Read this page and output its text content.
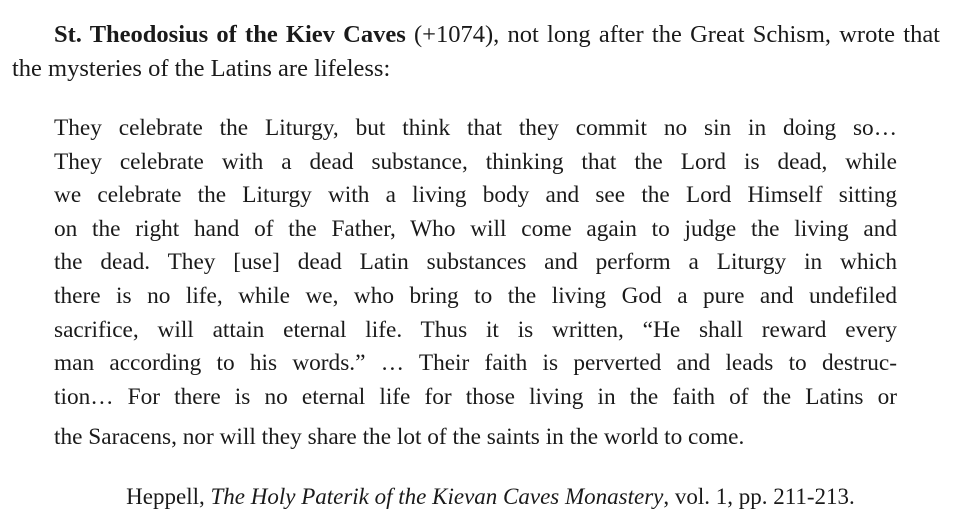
St. Theodosius of the Kiev Caves (+1074), not long after the Great Schism, wrote that the mysteries of the Latins are lifeless:

They celebrate the Liturgy, but think that they commit no sin in doing so…
They celebrate with a dead substance, thinking that the Lord is dead, while
we celebrate the Liturgy with a living body and see the Lord Himself sitting
on the right hand of the Father, Who will come again to judge the living and
the dead. They [use] dead Latin substances and perform a Liturgy in which
there is no life, while we, who bring to the living God a pure and undefiled
sacrifice, will attain eternal life. Thus it is written, “He shall reward every
man according to his words.” … Their faith is perverted and leads to destruc-
tion… For there is no eternal life for those living in the faith of the Latins or
the Saracens, nor will they share the lot of the saints in the world to come.

Heppell, The Holy Paterik of the Kievan Caves Monastery, vol. 1, pp. 211-213.
